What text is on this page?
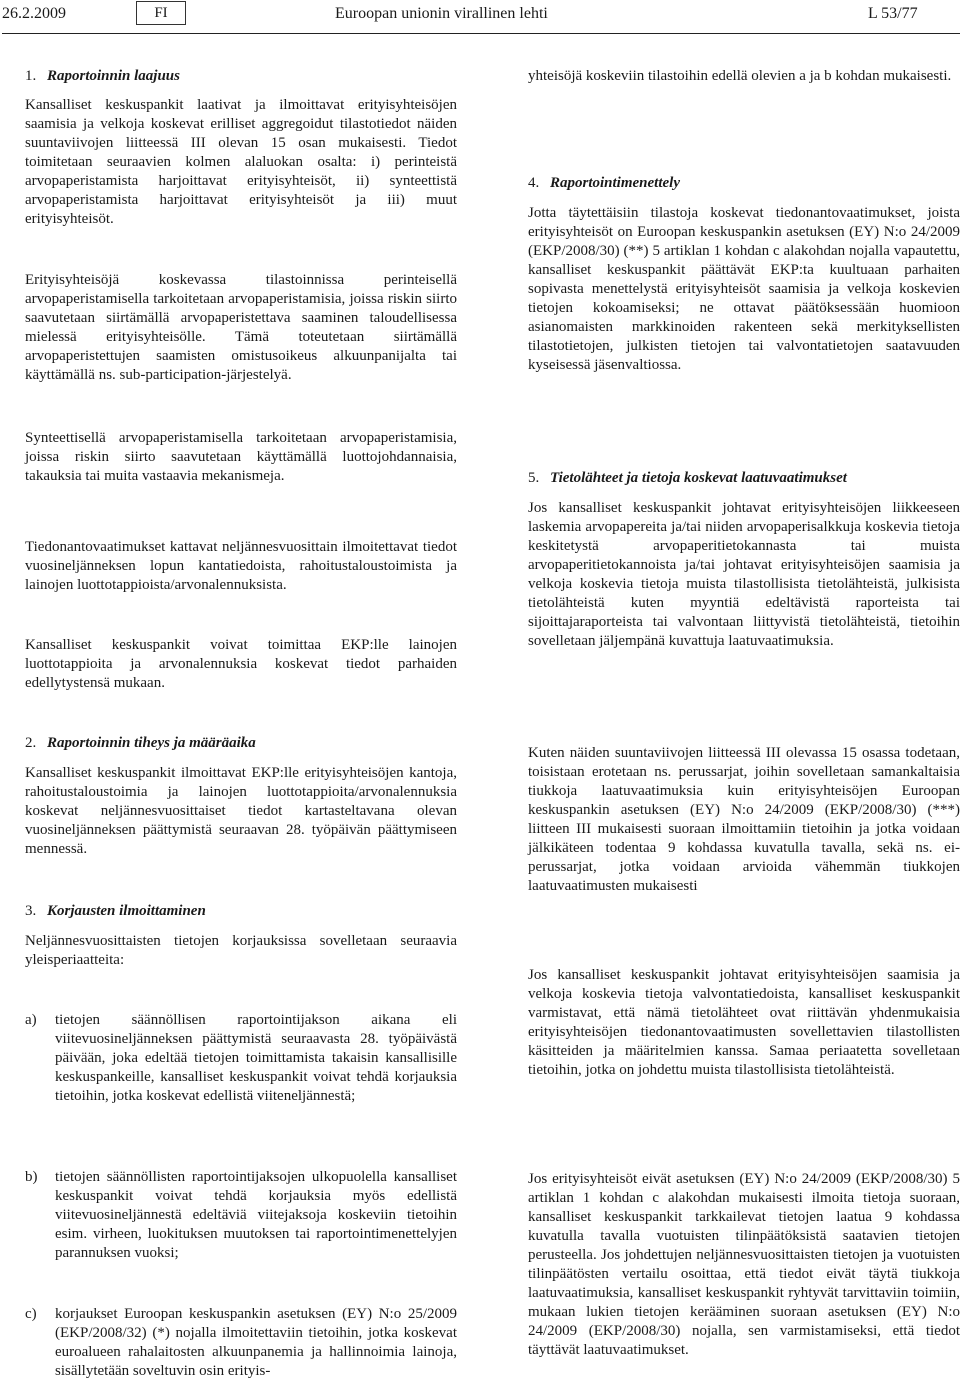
26.2.2009	FI	Euroopan unionin virallinen lehti	L 53/77
1. Raportoinnin laajuus

Kansalliset keskuspankit laativat ja ilmoittavat erityisyhteisöjen saamisia ja velkoja koskevat erilliset aggregoidut tilastotiedot näiden suuntaviivojen liitteessä III olevan 15 osan mukaisesti. Tiedot toimitetaan seuraavien kolmen alaluokan osalta: i) perinteistä arvopaperistamista harjoittavat erityisyhteisöt, ii) synteettistä arvopaperistamista harjoittavat erityisyhteisöt ja iii) muut erityisyhteisöt.

Erityisyhteisöjä koskevassa tilastoinnissa perinteisellä arvopaperistamisella tarkoitetaan arvopaperistamisia, joissa riskin siirto saavutetaan siirtämällä arvopaperistettava saaminen taloudellisessa mielessä erityisyhteisölle. Tämä toteutetaan siirtämällä arvopaperistettujen saamisten omistusoikeus alkuunpanijalta tai käyttämällä ns. sub-participation-järjestelyä.

Synteettisellä arvopaperistamisella tarkoitetaan arvopaperistamisia, joissa riskin siirto saavutetaan käyttämällä luottojohdannaisia, takauksia tai muita vastaavia mekanismeja.

Tiedonantovaatimukset kattavat neljännesvuosittain ilmoitettavat tiedot vuosineljänneksen lopun kantatiedoista, rahoitustaloustoimista ja lainojen luottotappioista/arvonalennuksista.

Kansalliset keskuspankit voivat toimittaa EKP:lle lainojen luottotappioita ja arvonalennuksia koskevat tiedot parhaiden edellytystensä mukaan.

2. Raportoinnin tiheys ja määräaika

Kansalliset keskuspankit ilmoittavat EKP:lle erityisyhteisöjen kantoja, rahoitustaloustoimia ja lainojen luottotappioita/arvonalennuksia koskevat neljännesvuosittaiset tiedot kartasteltavana olevan vuosineljänneksen päättymistä seuraavan 28. työpäivän päättymiseen mennessä.

3. Korjausten ilmoittaminen

Neljännesvuosittaisten tietojen korjauksissa sovelletaan seuraavia yleisperiaatteita:

a) tietojen säännöllisen raportointijakson aikana eli viitevuosineljänneksen päättymistä seuraavasta 28. työpäivästä päivään, joka edeltää tietojen toimittamista takaisin kansallisille keskuspankeille, kansalliset keskuspankit voivat tehdä korjauksia tietoihin, jotka koskevat edellistä viiteneljännestä;

b) tietojen säännöllisten raportointijaksojen ulkopuolella kansalliset keskuspankit voivat tehdä korjauksia myös edellistä viitevuosineljännestä edeltäviä viitejaksoja koskeviin tietoihin esim. virheen, luokituksen muutoksen tai raportointimenettelyjen parannuksen vuoksi;

c) korjaukset Euroopan keskuspankin asetuksen (EY) N:o 25/2009 (EKP/2008/32) (*) nojalla ilmoitettaviin tietoihin, jotka koskevat euroalueen rahalaitosten alkuunpanemia ja hallinnoimia lainoja, sisällytetään soveltuvin osin erityis-

yhteisöjä koskeviin tilastoihin edellä olevien a ja b kohdan mukaisesti.

4. Raportointimenettely

Jotta täytettäisiin tilastoja koskevat tiedonantovaatimukset, joista erityisyhteisöt on Euroopan keskuspankin asetuksen (EY) N:o 24/2009 (EKP/2008/30) (**) 5 artiklan 1 kohdan c alakohdan nojalla vapautettu, kansalliset keskuspankit päättävät EKP:ta kuultuaan parhaiten sopivasta menettelystä erityisyhteisöt saamisia ja velkoja koskevien tietojen kokoamiseksi; ne ottavat päätöksessään huomioon asianomaisten markkinoiden rakenteen sekä merkityksellisten tilastotietojen, julkisten tietojen tai valvontatietojen saatavuuden kyseisessä jäsenvaltiossa.

5. Tietolähteet ja tietoja koskevat laatuvaatimukset

Jos kansalliset keskuspankit johtavat erityisyhteisöjen liikkeeseen laskemia arvopapereita ja/tai niiden arvopaperisalkkuja koskevia tietoja keskitetystä arvopaperitietokannasta tai muista arvopaperitietokannoista ja/tai johtavat erityisyhteisöjen saamisia ja velkoja koskevia tietoja muista tilastollisista tietolähteistä, julkisista tietolähteistä kuten myyntiä edeltävistä raporteista tai sijoittajaraporteista tai valvontaan liittyvistä tietolähteistä, tietoihin sovelletaan jäljempänä kuvattuja laatuvaatimuksia.

Kuten näiden suuntaviivojen liitteessä III olevassa 15 osassa todetaan, toisistaan erotetaan ns. perussarjat, joihin sovelletaan samankaltaisia tiukkoja laatuvaatimuksia kuin erityisyhteisöjen Euroopan keskuspankin asetuksen (EY) N:o 24/2009 (EKP/2008/30) (***) liitteen III mukaisesti suoraan ilmoittamiin tietoihin ja jotka voidaan jälkikäteen todentaa 9 kohdassa kuvatulla tavalla, sekä ns. ei-perussarjat, jotka voidaan arvioida vähemmän tiukkojen laatuvaatimusten mukaisesti

Jos kansalliset keskuspankit johtavat erityisyhteisöjen saamisia ja velkoja koskevia tietoja valvontatiedoista, kansalliset keskuspankit varmistavat, että nämä tietolähteet ovat riittävän yhdenmukaisia erityisyhteisöjen tiedonantovaatimusten sovellettavien tilastollisten käsitteiden ja määritelmien kanssa. Samaa periaatetta sovelletaan tietoihin, jotka on johdettu muista tilastollisista tietolähteistä.

Jos erityisyhteisöt eivät asetuksen (EY) N:o 24/2009 (EKP/2008/30) 5 artiklan 1 kohdan c alakohdan mukaisesti ilmoita tietoja suoraan, kansalliset keskuspankit tarkkailevat tietojen laatua 9 kohdassa kuvatulla tavalla vuotuisten tilinpäätöksistä saatavien tietojen perusteella. Jos johdettujen neljännesvuosittaisten tietojen ja vuotuisten tilinpäätösten vertailu osoittaa, että tiedot eivät täytä tiukkoja laatuvaatimuksia, kansalliset keskuspankit ryhtyvät tarvittaviin toimiin, mukaan lukien tietojen kerääminen suoraan asetuksen (EY) N:o 24/2009 (EKP/2008/30) nojalla, sen varmistamiseksi, että tiedot täyttävät laatuvaatimukset.
